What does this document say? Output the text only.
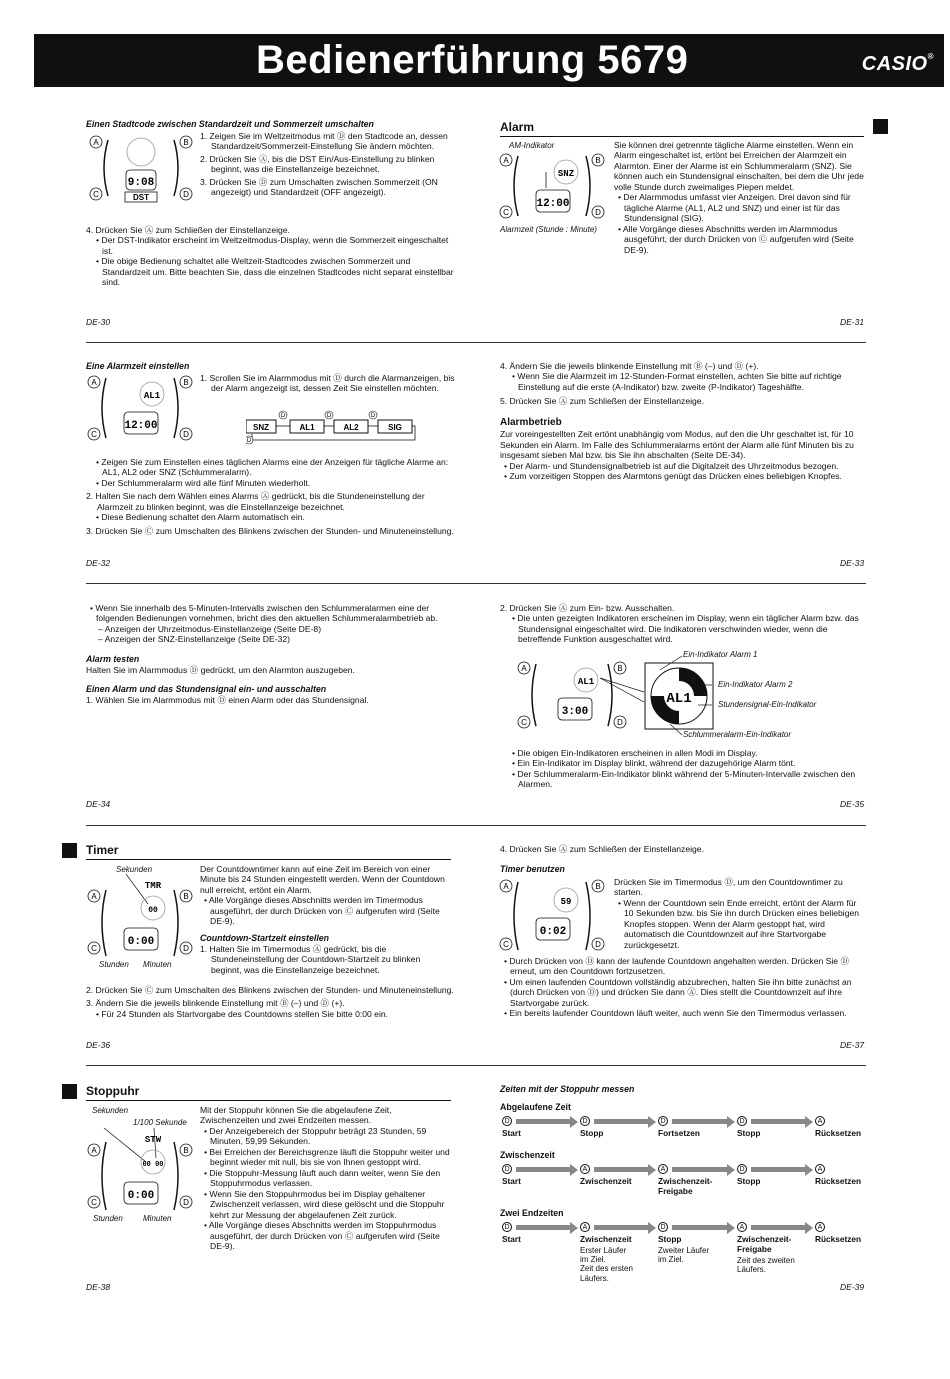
Bedienerführung 5679	CASIO®
Einen Stadtcode zwischen Standardzeit und Sommerzeit umschalten
A	B
C	D
9:08
DST
1. Zeigen Sie im Weltzeitmodus mit Ⓓ den Stadtcode an, dessen Standardzeit/Sommerzeit-Einstellung Sie ändern möchten.
2. Drücken Sie Ⓐ, bis die DST Ein/Aus-Einstellung zu blinken beginnt, was die Einstellanzeige bezeichnet.
3. Drücken Sie Ⓓ zum Umschalten zwischen Sommerzeit (ON angezeigt) und Standardzeit (OFF angezeigt).
4. Drücken Sie Ⓐ zum Schließen der Einstellanzeige.
• Der DST-Indikator erscheint im Weltzeitmodus-Display, wenn die Sommerzeit eingeschaltet ist.
• Die obige Bedienung schaltet alle Weltzeit-Stadtcodes zwischen Sommerzeit und Standardzeit um. Bitte beachten Sie, dass die einzelnen Stadtcodes nicht separat einstellbar sind.
DE-30
Alarm
AM-Indikator
A	B
C	D
SNZ
12:00
Alarmzeit (Stunde : Minute)
Sie können drei getrennte tägliche Alarme einstellen. Wenn ein Alarm eingeschaltet ist, ertönt bei Erreichen der Alarmzeit ein Alarmton. Einer der Alarme ist ein Schlummeralarm (SNZ). Sie können auch ein Stundensignal einschalten, bei dem die Uhr jede volle Stunde durch zweimaliges Piepen meldet.
• Der Alarmmodus umfasst vier Anzeigen. Drei davon sind für tägliche Alarme (AL1, AL2 und SNZ) und einer ist für das Stundensignal (SIG).
• Alle Vorgänge dieses Abschnitts werden im Alarmmodus ausgeführt, der durch Drücken von Ⓒ aufgerufen wird (Seite DE-9).
DE-31
Eine Alarmzeit einstellen
A	B
C	D
AL1
12:00
1. Scrollen Sie im Alarmmodus mit Ⓓ durch die Alarmanzeigen, bis der Alarm angezeigt ist, dessen Zeit Sie einstellen möchten.
SNZ	AL1	AL2	SIG
D	D	D
D
• Zeigen Sie zum Einstellen eines täglichen Alarms eine der Anzeigen für tägliche Alarme an: AL1, AL2 oder SNZ (Schlummeralarm).
• Der Schlummeralarm wird alle fünf Minuten wiederholt.
2. Halten Sie nach dem Wählen eines Alarms Ⓐ gedrückt, bis die Stundeneinstellung der Alarmzeit zu blinken beginnt, was die Einstellanzeige bezeichnet.
• Diese Bedienung schaltet den Alarm automatisch ein.
3. Drücken Sie Ⓒ zum Umschalten des Blinkens zwischen der Stunden- und Minuteneinstellung.
DE-32
4. Ändern Sie die jeweils blinkende Einstellung mit Ⓑ (–) und Ⓓ (+).
• Wenn Sie die Alarmzeit im 12-Stunden-Format einstellen, achten Sie bitte auf richtige Einstellung auf die erste (A-Indikator) bzw. zweite (P-Indikator) Tageshälfte.
5. Drücken Sie Ⓐ zum Schließen der Einstellanzeige.
Alarmbetrieb
Zur voreingestellten Zeit ertönt unabhängig vom Modus, auf den die Uhr geschaltet ist, für 10 Sekunden ein Alarm. Im Falle des Schlummeralarms ertönt der Alarm alle fünf Minuten bis zu insgesamt sieben Mal bzw. bis Sie ihn abschalten (Seite DE-34).
• Der Alarm- und Stundensignalbetrieb ist auf die Digitalzeit des Uhrzeitmodus bezogen.
• Zum vorzeitigen Stoppen des Alarmtons genügt das Drücken eines beliebigen Knopfes.
DE-33
• Wenn Sie innerhalb des 5-Minuten-Intervalls zwischen den Schlummeralarmen eine der folgenden Bedienungen vornehmen, bricht dies den aktuellen Schlummeralarmbetrieb ab.
– Anzeigen der Uhrzeitmodus-Einstellanzeige (Seite DE-8)
– Anzeigen der SNZ-Einstellanzeige (Seite DE-32)
Alarm testen
Halten Sie im Alarmmodus Ⓓ gedrückt, um den Alarmton auszugeben.
Einen Alarm und das Stundensignal ein- und ausschalten
1. Wählen Sie im Alarmmodus mit Ⓓ einen Alarm oder das Stundensignal.
DE-34
2. Drücken Sie Ⓐ zum Ein- bzw. Ausschalten.
• Die unten gezeigten Indikatoren erscheinen im Display, wenn ein täglicher Alarm bzw. das Stundensignal eingeschaltet wird. Die Indikatoren verschwinden wieder, wenn die betreffende Funktion ausgeschaltet wird.
A	B
C	D
AL1
3:00
AL1
Ein-Indikator Alarm 1
Ein-Indikator Alarm 2
Stundensignal-Ein-Indikator
Schlummeralarm-Ein-Indikator
• Die obigen Ein-Indikatoren erscheinen in allen Modi im Display.
• Ein Ein-Indikator im Display blinkt, während der dazugehörige Alarm tönt.
• Der Schlummeralarm-Ein-Indikator blinkt während der 5-Minuten-Intervalle zwischen den Alarmen.
DE-35
Timer
Sekunden
A	B
C	D
TMR
00
0:00
Stunden Minuten
Der Countdowntimer kann auf eine Zeit im Bereich von einer Minute bis 24 Stunden eingestellt werden. Wenn der Countdown null erreicht, ertönt ein Alarm.
• Alle Vorgänge dieses Abschnitts werden im Timermodus ausgeführt, der durch Drücken von Ⓒ aufgerufen wird (Seite DE-9).
Countdown-Startzeit einstellen
1. Halten Sie im Timermodus Ⓐ gedrückt, bis die Stundeneinstellung der Countdown-Startzeit zu blinken beginnt, was die Einstellanzeige bezeichnet.
2. Drücken Sie Ⓒ zum Umschalten des Blinkens zwischen der Stunden- und Minuteneinstellung.
3. Ändern Sie die jeweils blinkende Einstellung mit Ⓑ (–) und Ⓓ (+).
• Für 24 Stunden als Startvorgabe des Countdowns stellen Sie bitte 0:00 ein.
DE-36
4. Drücken Sie Ⓐ zum Schließen der Einstellanzeige.
Timer benutzen
A	B
C	D
59
0:02
Drücken Sie im Timermodus Ⓓ, um den Countdowntimer zu starten.
• Wenn der Countdown sein Ende erreicht, ertönt der Alarm für 10 Sekunden bzw. bis Sie ihn durch Drücken eines beliebigen Knopfes stoppen. Wenn der Alarm gestoppt hat, wird automatisch die Countdownzeit auf ihre Startvorgabe zurückgesetzt.
• Durch Drücken von Ⓓ kann der laufende Countdown angehalten werden. Drücken Sie Ⓓ erneut, um den Countdown fortzusetzen.
• Um einen laufenden Countdown vollständig abzubrechen, halten Sie ihn bitte zunächst an (durch Drücken von Ⓓ) und drücken Sie dann Ⓐ. Dies stellt die Countdownzeit auf ihre Startvorgabe zurück.
• Ein bereits laufender Countdown läuft weiter, auch wenn Sie den Timermodus verlassen.
DE-37
Stoppuhr
Sekunden
1/100 Sekunde
A	B
C	D
STW
00 00
0:00
Stunden	Minuten
Mit der Stoppuhr können Sie die abgelaufene Zeit, Zwischenzeiten und zwei Endzeiten messen.
• Der Anzeigebereich der Stoppuhr beträgt 23 Stunden, 59 Minuten, 59,99 Sekunden.
• Bei Erreichen der Bereichsgrenze läuft die Stoppuhr weiter und beginnt wieder mit null, bis sie von Ihnen gestoppt wird.
• Die Stoppuhr-Messung läuft auch dann weiter, wenn Sie den Stoppuhrmodus verlassen.
• Wenn Sie den Stoppuhrmodus bei im Display gehaltener Zwischenzeit verlassen, wird diese gelöscht und die Stoppuhr kehrt zur Messung der abgelaufenen Zeit zurück.
• Alle Vorgänge dieses Abschnitts werden im Stoppuhrmodus ausgeführt, der durch Drücken von Ⓒ aufgerufen wird (Seite DE-9).
DE-38
Zeiten mit der Stoppuhr messen
Abgelaufene Zeit
D
Start
D
Stopp
D
Fortsetzen
D
Stopp
A
Rücksetzen
Zwischenzeit
D
Start
A
Zwischenzeit
A
Zwischenzeit-
Freigabe
D
Stopp
A
Rücksetzen
Zwei Endzeiten
D
Start
A
Zwischenzeit
Erster Läufer
im Ziel.
Zeit des ersten
Läufers.
D
Stopp
Zweiter Läufer
im Ziel.
A
Zwischenzeit-
Freigabe
Zeit des zweiten
Läufers.
A
Rücksetzen
DE-39
